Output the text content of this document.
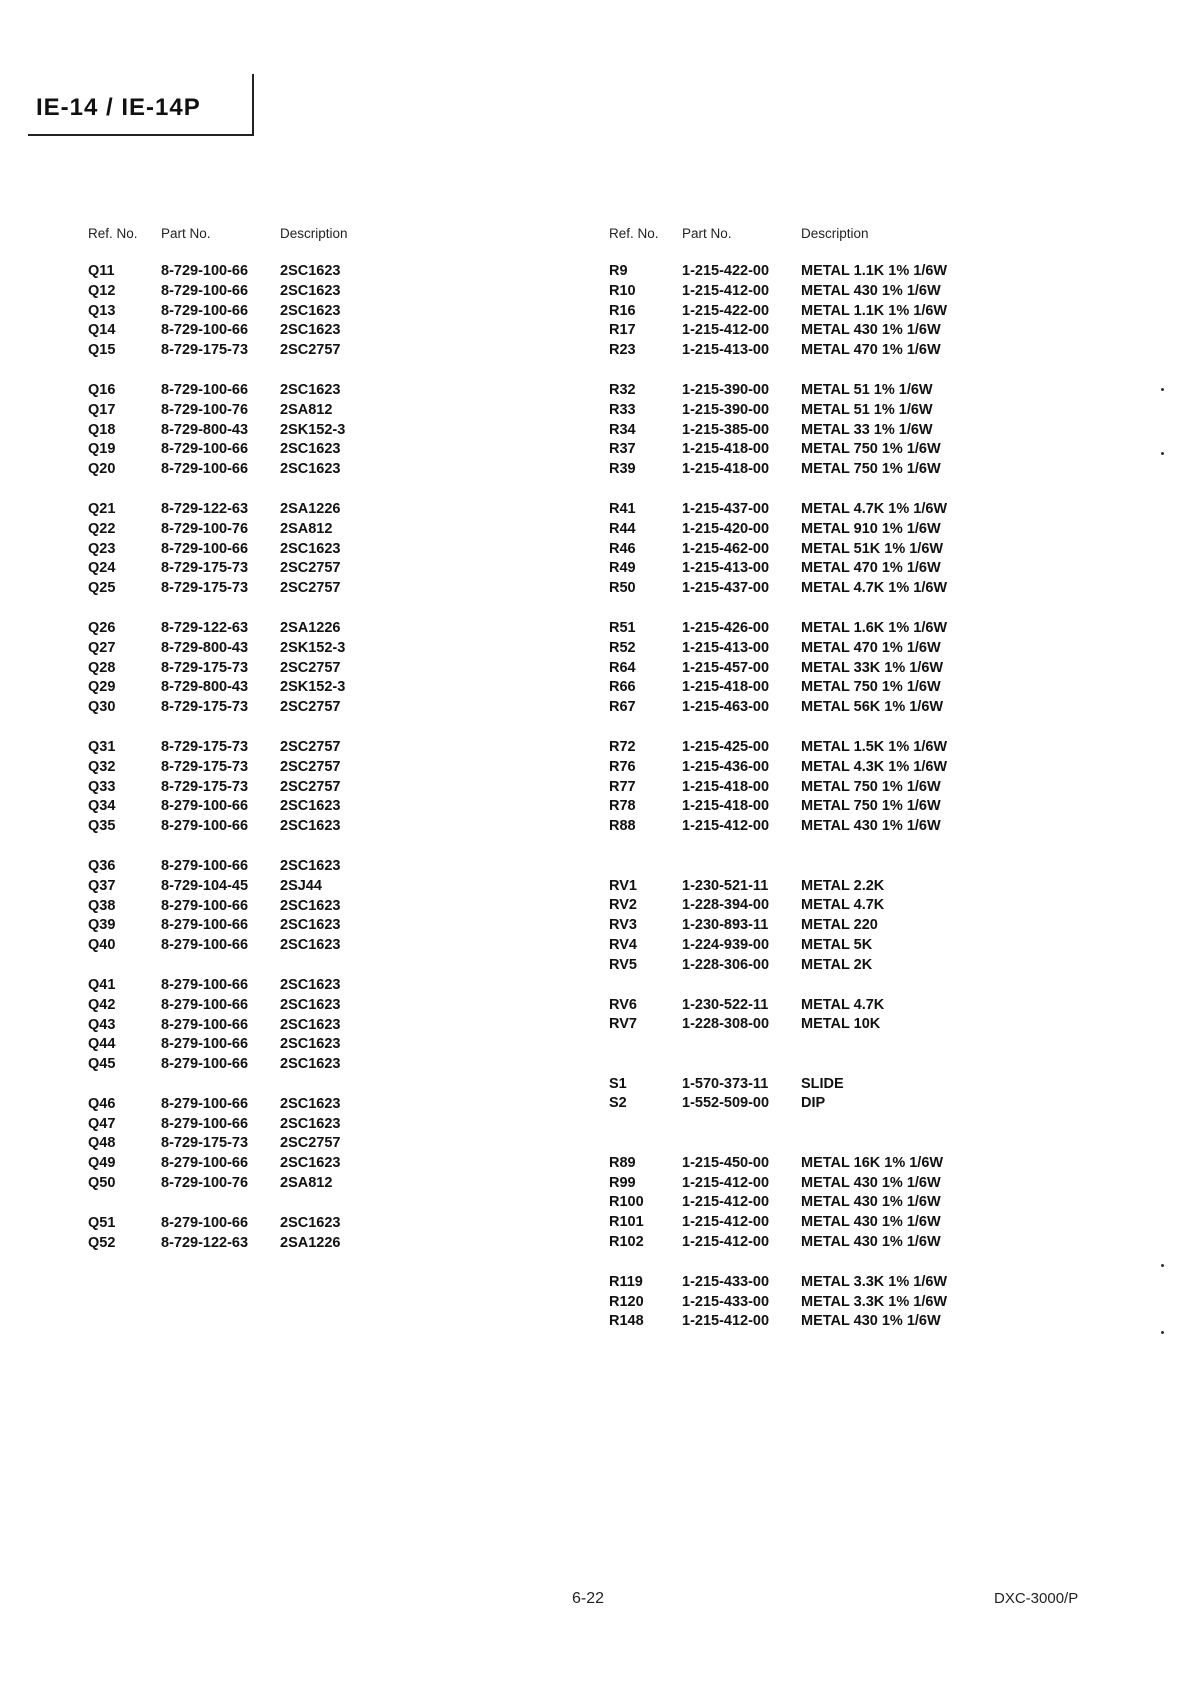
IE-14 / IE-14P
Ref. No.	Part No.	Description
Q11	8-729-100-66	2SC1623
Q12	8-729-100-66	2SC1623
Q13	8-729-100-66	2SC1623
Q14	8-729-100-66	2SC1623
Q15	8-729-175-73	2SC2757
Q16	8-729-100-66	2SC1623
Q17	8-729-100-76	2SA812
Q18	8-729-800-43	2SK152-3
Q19	8-729-100-66	2SC1623
Q20	8-729-100-66	2SC1623
Q21	8-729-122-63	2SA1226
Q22	8-729-100-76	2SA812
Q23	8-729-100-66	2SC1623
Q24	8-729-175-73	2SC2757
Q25	8-729-175-73	2SC2757
Q26	8-729-122-63	2SA1226
Q27	8-729-800-43	2SK152-3
Q28	8-729-175-73	2SC2757
Q29	8-729-800-43	2SK152-3
Q30	8-729-175-73	2SC2757
Q31	8-729-175-73	2SC2757
Q32	8-729-175-73	2SC2757
Q33	8-729-175-73	2SC2757
Q34	8-279-100-66	2SC1623
Q35	8-279-100-66	2SC1623
Q36	8-279-100-66	2SC1623
Q37	8-729-104-45	2SJ44
Q38	8-279-100-66	2SC1623
Q39	8-279-100-66	2SC1623
Q40	8-279-100-66	2SC1623
Q41	8-279-100-66	2SC1623
Q42	8-279-100-66	2SC1623
Q43	8-279-100-66	2SC1623
Q44	8-279-100-66	2SC1623
Q45	8-279-100-66	2SC1623
Q46	8-279-100-66	2SC1623
Q47	8-279-100-66	2SC1623
Q48	8-729-175-73	2SC2757
Q49	8-279-100-66	2SC1623
Q50	8-729-100-76	2SA812
Q51	8-279-100-66	2SC1623
Q52	8-729-122-63	2SA1226
Ref. No.	Part No.	Description
R9	1-215-422-00	METAL 1.1K 1% 1/6W
R10	1-215-412-00	METAL 430 1% 1/6W
R16	1-215-422-00	METAL 1.1K 1% 1/6W
R17	1-215-412-00	METAL 430 1% 1/6W
R23	1-215-413-00	METAL 470 1% 1/6W
R32	1-215-390-00	METAL 51 1% 1/6W
R33	1-215-390-00	METAL 51 1% 1/6W
R34	1-215-385-00	METAL 33 1% 1/6W
R37	1-215-418-00	METAL 750 1% 1/6W
R39	1-215-418-00	METAL 750 1% 1/6W
R41	1-215-437-00	METAL 4.7K 1% 1/6W
R44	1-215-420-00	METAL 910 1% 1/6W
R46	1-215-462-00	METAL 51K 1% 1/6W
R49	1-215-413-00	METAL 470 1% 1/6W
R50	1-215-437-00	METAL 4.7K 1% 1/6W
R51	1-215-426-00	METAL 1.6K 1% 1/6W
R52	1-215-413-00	METAL 470 1% 1/6W
R64	1-215-457-00	METAL 33K 1% 1/6W
R66	1-215-418-00	METAL 750 1% 1/6W
R67	1-215-463-00	METAL 56K 1% 1/6W
R72	1-215-425-00	METAL 1.5K 1% 1/6W
R76	1-215-436-00	METAL 4.3K 1% 1/6W
R77	1-215-418-00	METAL 750 1% 1/6W
R78	1-215-418-00	METAL 750 1% 1/6W
R88	1-215-412-00	METAL 430 1% 1/6W
RV1	1-230-521-11	METAL 2.2K
RV2	1-228-394-00	METAL 4.7K
RV3	1-230-893-11	METAL 220
RV4	1-224-939-00	METAL 5K
RV5	1-228-306-00	METAL 2K
RV6	1-230-522-11	METAL 4.7K
RV7	1-228-308-00	METAL 10K
S1	1-570-373-11	SLIDE
S2	1-552-509-00	DIP
R89	1-215-450-00	METAL 16K 1% 1/6W
R99	1-215-412-00	METAL 430 1% 1/6W
R100	1-215-412-00	METAL 430 1% 1/6W
R101	1-215-412-00	METAL 430 1% 1/6W
R102	1-215-412-00	METAL 430 1% 1/6W
R119	1-215-433-00	METAL 3.3K 1% 1/6W
R120	1-215-433-00	METAL 3.3K 1% 1/6W
R148	1-215-412-00	METAL 430 1% 1/6W
6-22	DXC-3000/P
